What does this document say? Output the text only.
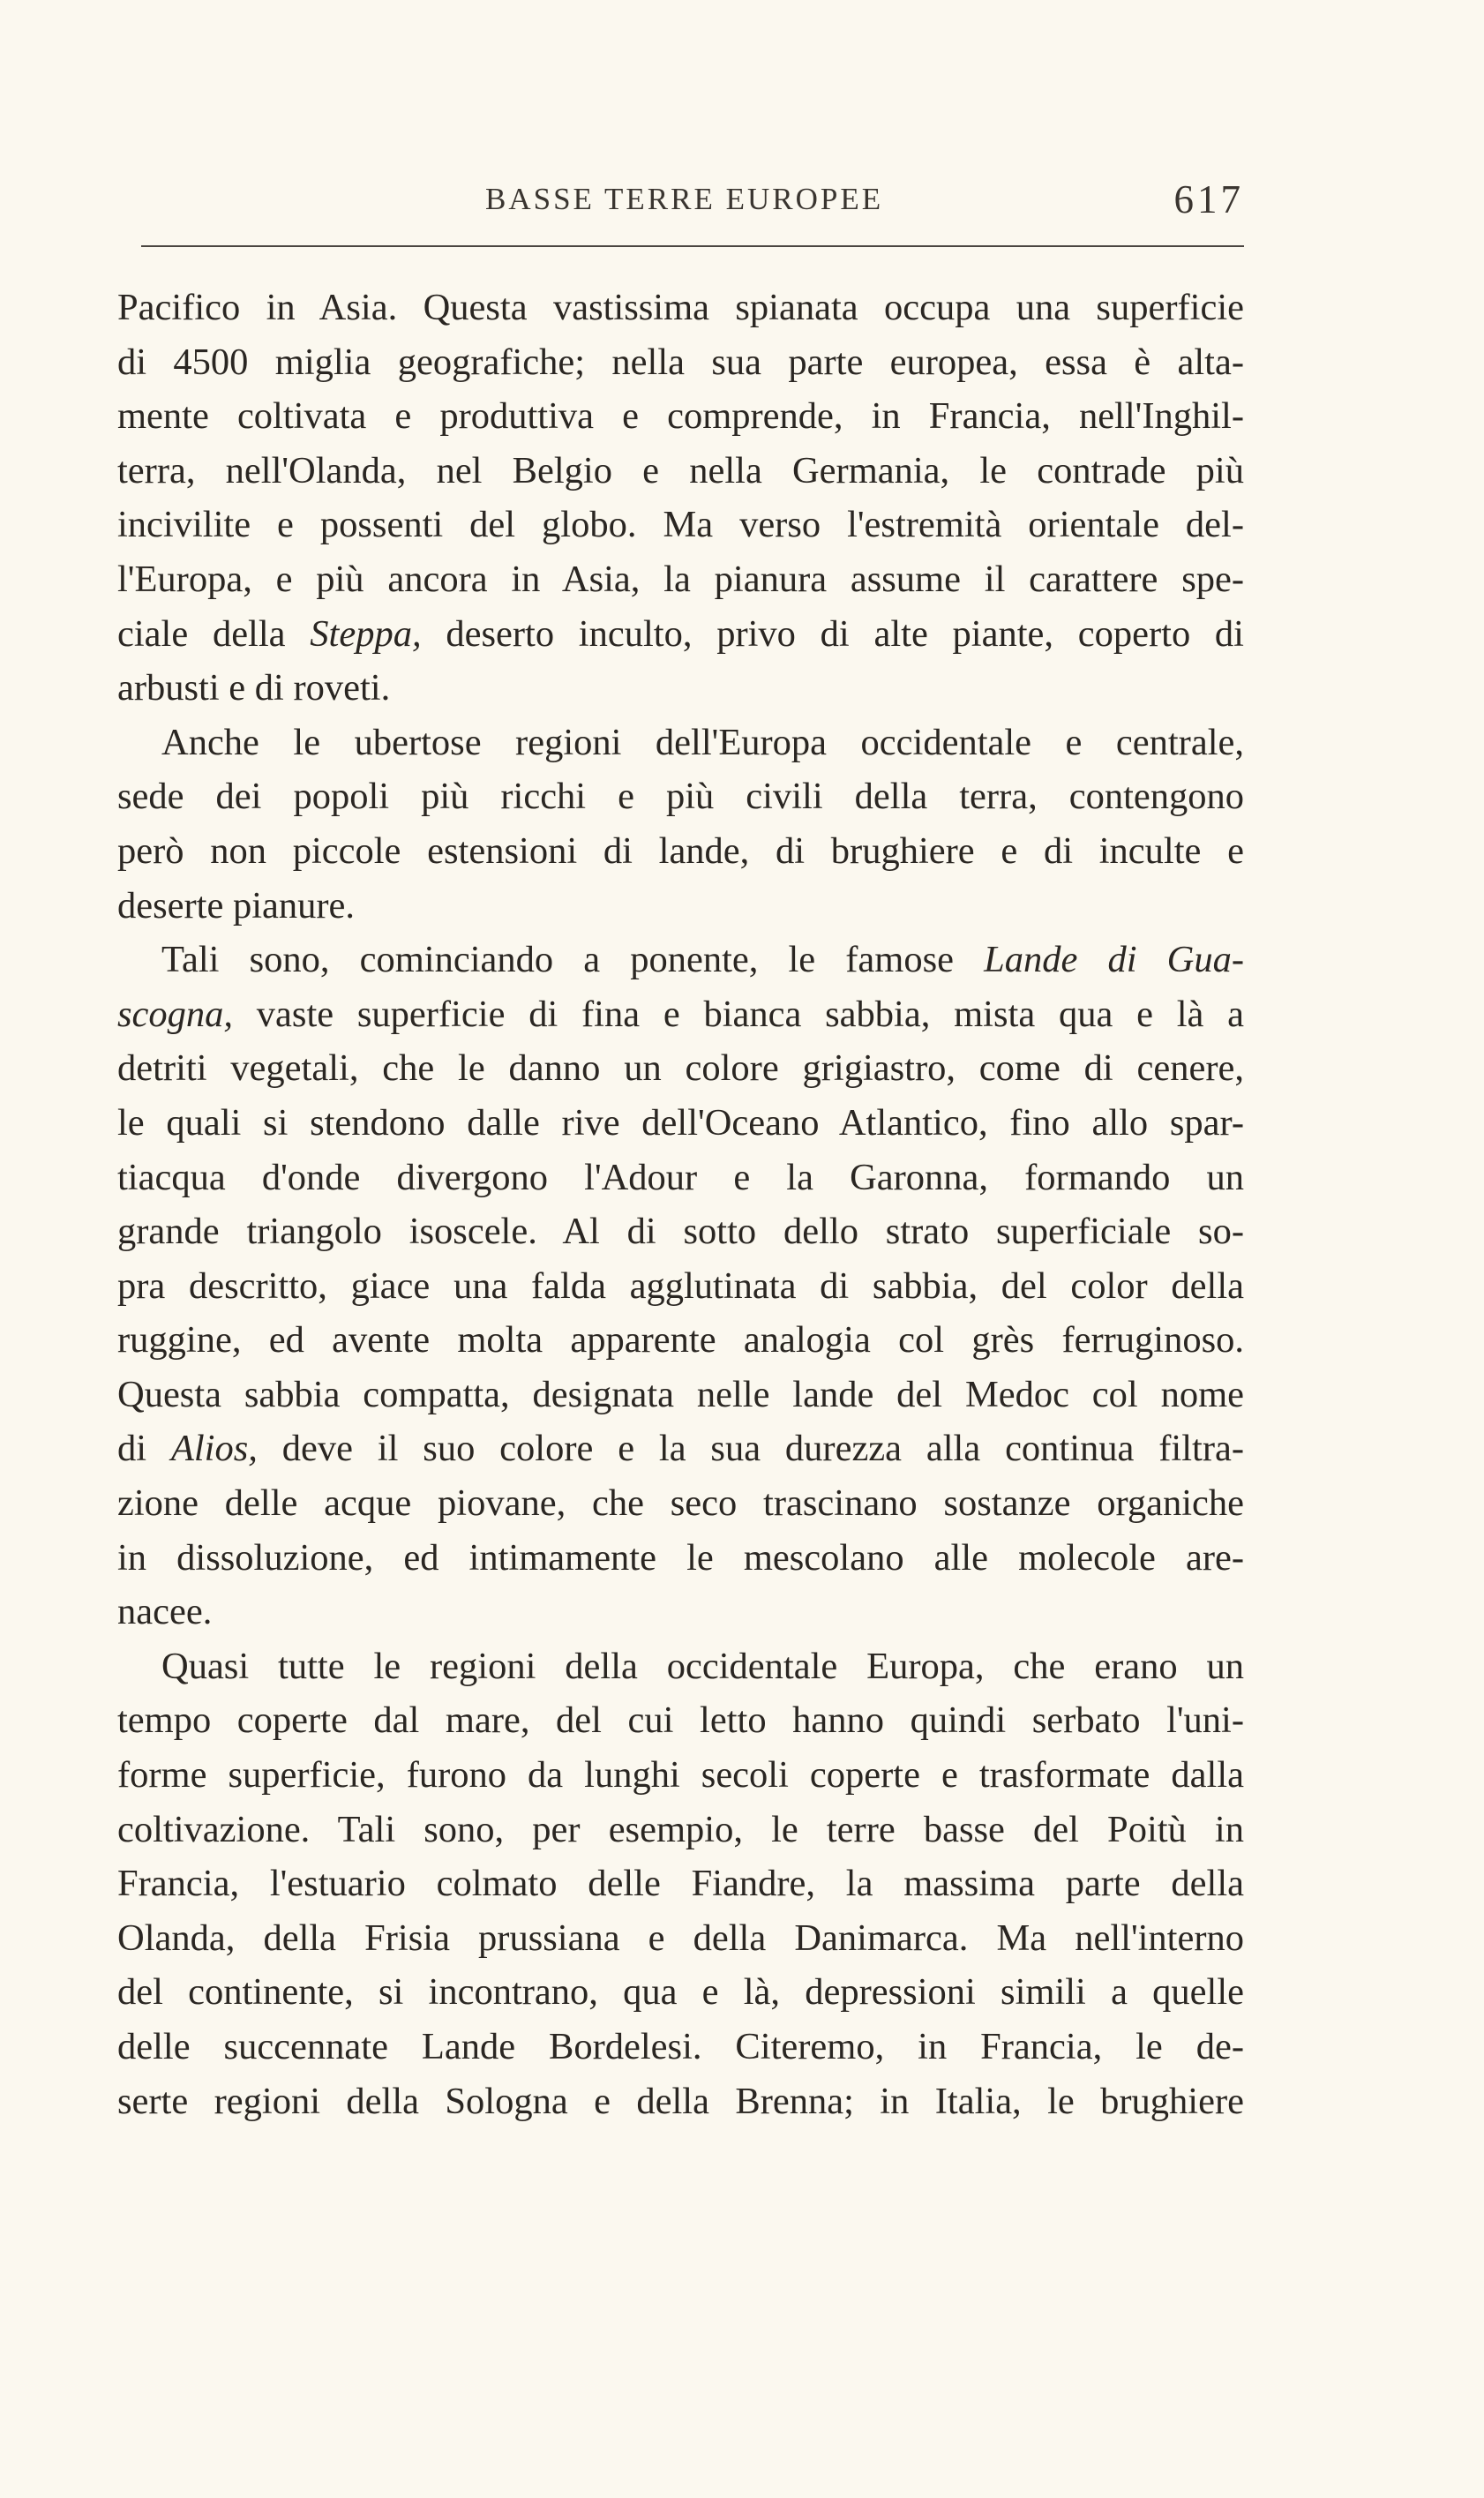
BASSE TERRE EUROPEE	617

Pacifico in Asia. Questa vastissima spianata occupa una superficie

di 4500 miglia geografiche; nella sua parte europea, essa è alta-

mente coltivata e produttiva e comprende, in Francia, nell'Inghil-

terra, nell'Olanda, nel Belgio e nella Germania, le contrade più

incivilite e possenti del globo. Ma verso l'estremità orientale del-

l'Europa, e più ancora in Asia, la pianura assume il carattere spe-

ciale della Steppa, deserto inculto, privo di alte piante, coperto di

arbusti e di roveti.

Anche le ubertose regioni dell'Europa occidentale e centrale,

sede dei popoli più ricchi e più civili della terra, contengono

però non piccole estensioni di lande, di brughiere e di inculte e

deserte pianure.

Tali sono, cominciando a ponente, le famose Lande di Gua-

scogna, vaste superficie di fina e bianca sabbia, mista qua e là a

detriti vegetali, che le danno un colore grigiastro, come di cenere,

le quali si stendono dalle rive dell'Oceano Atlantico, fino allo spar-

tiacqua d'onde divergono l'Adour e la Garonna, formando un

grande triangolo isoscele. Al di sotto dello strato superficiale so-

pra descritto, giace una falda agglutinata di sabbia, del color della

ruggine, ed avente molta apparente analogia col grès ferruginoso.

Questa sabbia compatta, designata nelle lande del Medoc col nome

di Alios, deve il suo colore e la sua durezza alla continua filtra-

zione delle acque piovane, che seco trascinano sostanze organiche

in dissoluzione, ed intimamente le mescolano alle molecole are-

nacee.

Quasi tutte le regioni della occidentale Europa, che erano un

tempo coperte dal mare, del cui letto hanno quindi serbato l'uni-

forme superficie, furono da lunghi secoli coperte e trasformate dalla

coltivazione. Tali sono, per esempio, le terre basse del Poitù in

Francia, l'estuario colmato delle Fiandre, la massima parte della

Olanda, della Frisia prussiana e della Danimarca. Ma nell'interno

del continente, si incontrano, qua e là, depressioni simili a quelle

delle succennate Lande Bordelesi. Citeremo, in Francia, le de-

serte regioni della Sologna e della Brenna; in Italia, le brughiere
